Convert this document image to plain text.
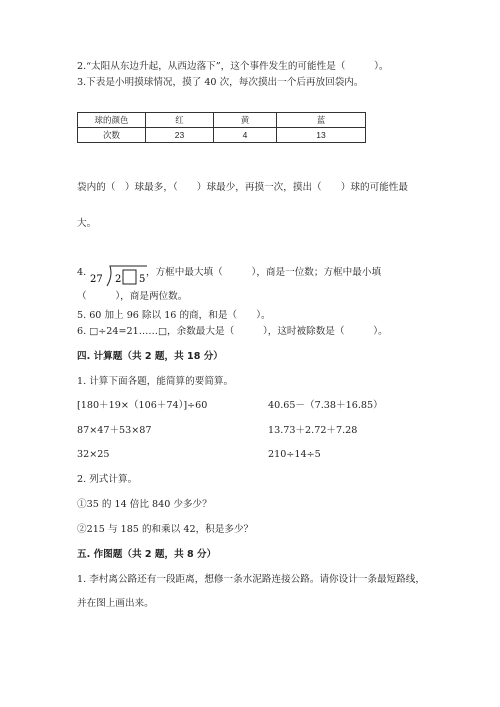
2.“太阳从东边升起，从西边落下”，这个事件发生的可能性是（　　　）。
3.下表是小明摸球情况，摸了 40 次，每次摸出一个后再放回袋内。
球的颜色	红	黄	蓝
次数	23	4	13
袋内的（　）球最多，（　　）球最少，再摸一次，摸出（　　）球的可能性最
大。
4.
27 2 5
，方框中最大填（　　　），商是一位数；方框中最小填
（　　　），商是两位数。
5. 60 加上 96 除以 16 的商，和是（　　）。
6. □÷24=21……□，余数最大是（　　　），这时被除数是（　　　）。
四. 计算题（共 2 题，共 18 分）
1. 计算下面各题，能简算的要简算。
[180＋19×（106＋74）]÷60	40.65－（7.38＋16.85）
87×47＋53×87	13.73＋2.72＋7.28
32×25	210÷14÷5
2. 列式计算。
①35 的 14 倍比 840 少多少？
②215 与 185 的和乘以 42，积是多少？
五. 作图题（共 2 题，共 8 分）
1. 李村离公路还有一段距离，想修一条水泥路连接公路。请你设计一条最短路线，
并在图上画出来。
